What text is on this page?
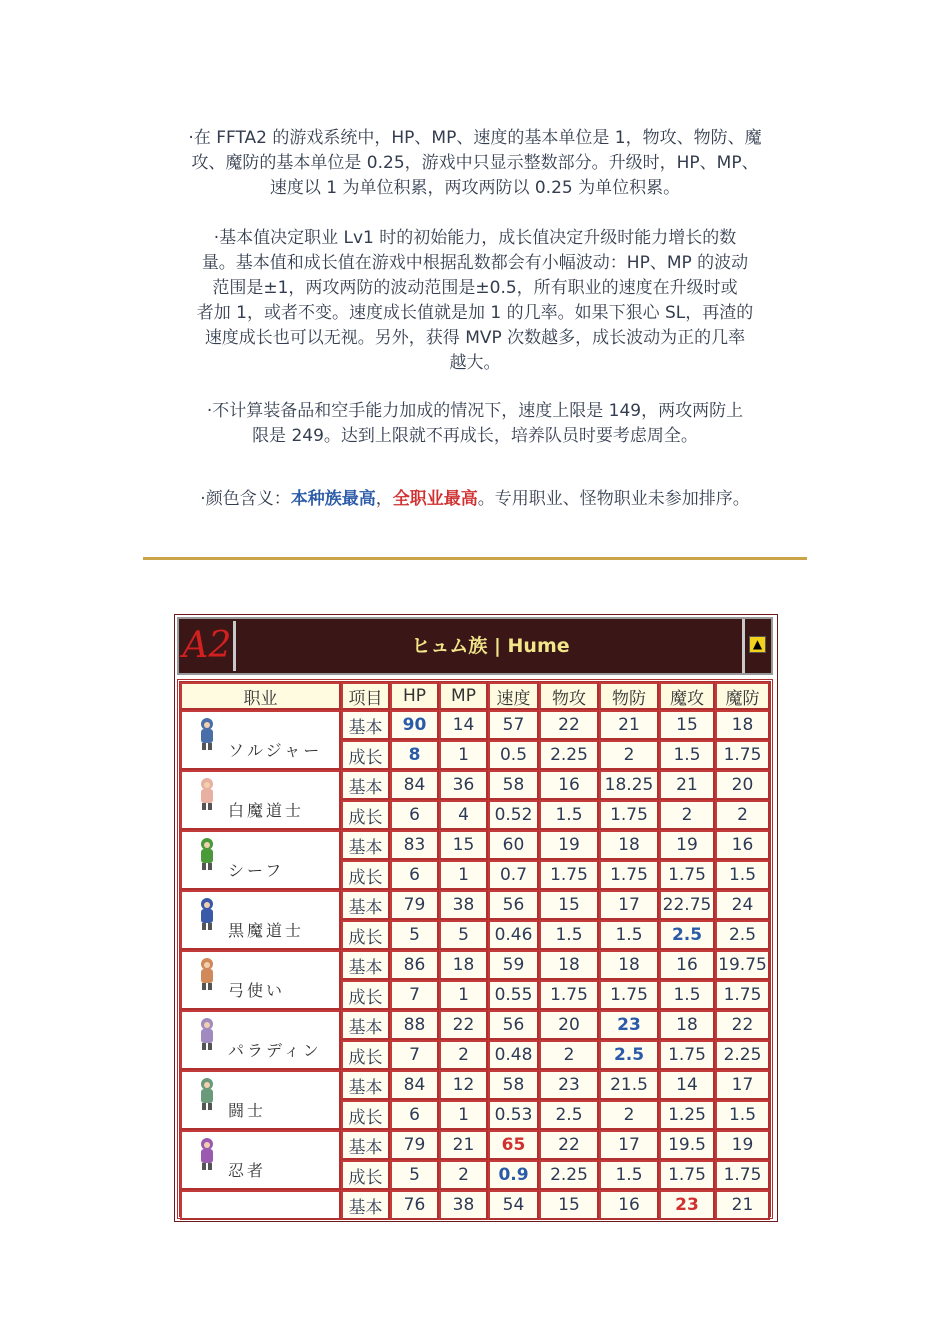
·在 FFTA2 的游戏系统中，HP、MP、速度的基本单位是 1，物攻、物防、魔
攻、魔防的基本单位是 0.25，游戏中只显示整数部分。升级时，HP、MP、
速度以 1 为单位积累，两攻两防以 0.25 为单位积累。
·基本值决定职业 Lv1 时的初始能力，成长值决定升级时能力增长的数
量。基本值和成长值在游戏中根据乱数都会有小幅波动：HP、MP 的波动
范围是±1，两攻两防的波动范围是±0.5，所有职业的速度在升级时或
者加 1，或者不变。速度成长值就是加 1 的几率。如果下狠心 SL，再渣的
速度成长也可以无视。另外，获得 MVP 次数越多，成长波动为正的几率
越大。
·不计算装备品和空手能力加成的情况下，速度上限是 149，两攻两防上
限是 249。达到上限就不再成长，培养队员时要考虑周全。
·颜色含义：本种族最高，全职业最高。专用职业、怪物职业未参加排序。
A2	ヒュム族 | Hume	▲
职业	项目	HP	MP	速度	物攻	物防	魔攻	魔防
ソルジャー
基本	90	14	57	22	21	15	18
成长	8	1	0.5	2.25	2	1.5	1.75
白魔道士
基本	84	36	58	16	18.25	21	20
成长	6	4	0.52	1.5	1.75	2	2
シーフ
基本	83	15	60	19	18	19	16
成长	6	1	0.7	1.75	1.75	1.75	1.5
黒魔道士
基本	79	38	56	15	17	22.75	24
成长	5	5	0.46	1.5	1.5	2.5	2.5
弓使い
基本	86	18	59	18	18	16	19.75
成长	7	1	0.55	1.75	1.75	1.5	1.75
パラディン
基本	88	22	56	20	23	18	22
成长	7	2	0.48	2	2.5	1.75	2.25
闘士
基本	84	12	58	23	21.5	14	17
成长	6	1	0.53	2.5	2	1.25	1.5
忍者
基本	79	21	65	22	17	19.5	19
成长	5	2	0.9	2.25	1.5	1.75	1.75
基本	76	38	54	15	16	23	21
